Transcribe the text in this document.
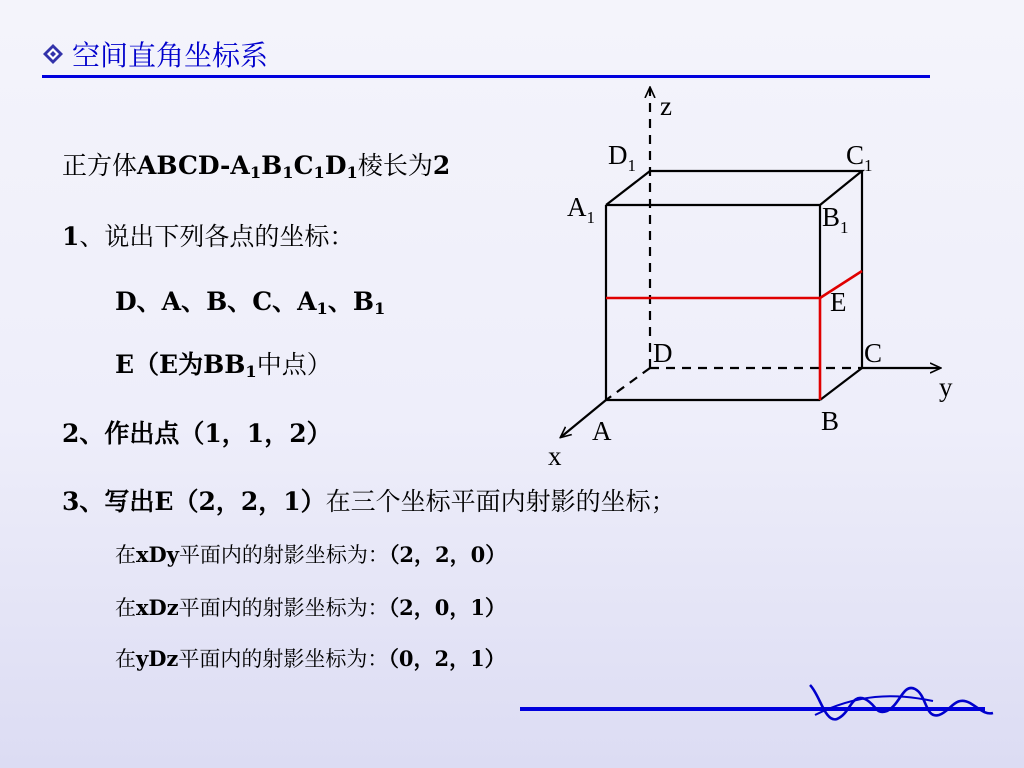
空间直角坐标系
正方体ABCD-$A_1B_1C_1D_1$棱长为2
1、说出下列各点的坐标：
D、A、B、C、$A_1$、$B_1$
E（E为$BB_1$中点）
2、作出点（1，1，2）
3、写出E（2，2，1）在三个坐标平面内射影的坐标；
在xDy平面内的射影坐标为：（2，2，0）
在xDz平面内的射影坐标为：（2，0，1）
在yDz平面内的射影坐标为：（0，2，1）
z
y
x
$D_1$	$C_1$
$A_1$	$B_1$
E
D	C
A	B
